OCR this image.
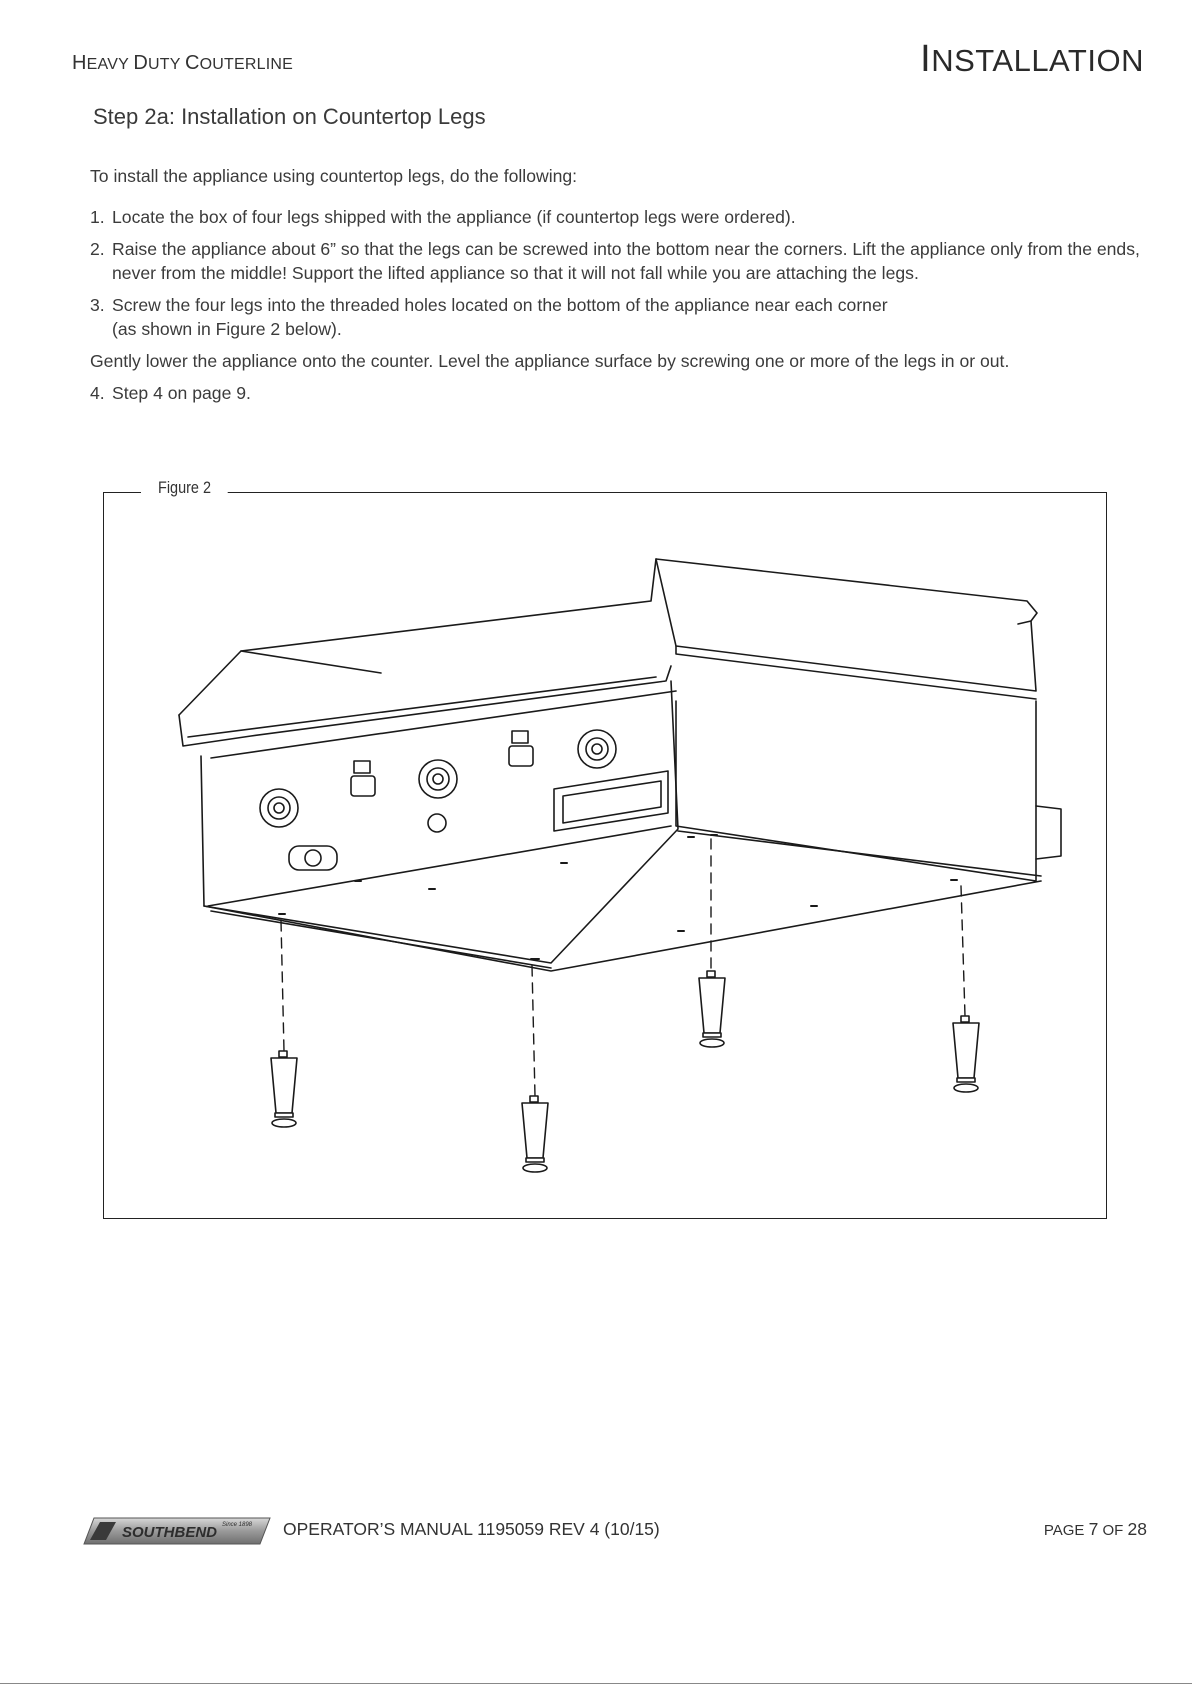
HEAVY DUTY COUTERLINE	INSTALLATION
Step 2a: Installation on Countertop Legs

To install the appliance using countertop legs, do the following:

1. Locate the box of four legs shipped with the appliance (if countertop legs were ordered).
2. Raise the appliance about 6” so that the legs can be screwed into the bottom near the corners. Lift the appliance only from the ends, never from the middle! Support the lifted appliance so that it will not fall while you are attaching the legs.
3. Screw the four legs into the threaded holes located on the bottom of the appliance near each corner
(as shown in Figure 2 below).

Gently lower the appliance onto the counter. Level the appliance surface by screwing one or more of the legs in or out.

4. Step 4 on page 9.
Figure 2
SOUTHBEND Since 1898 OPERATOR’S MANUAL 1195059 REV 4 (10/15)	PAGE 7 OF 28
